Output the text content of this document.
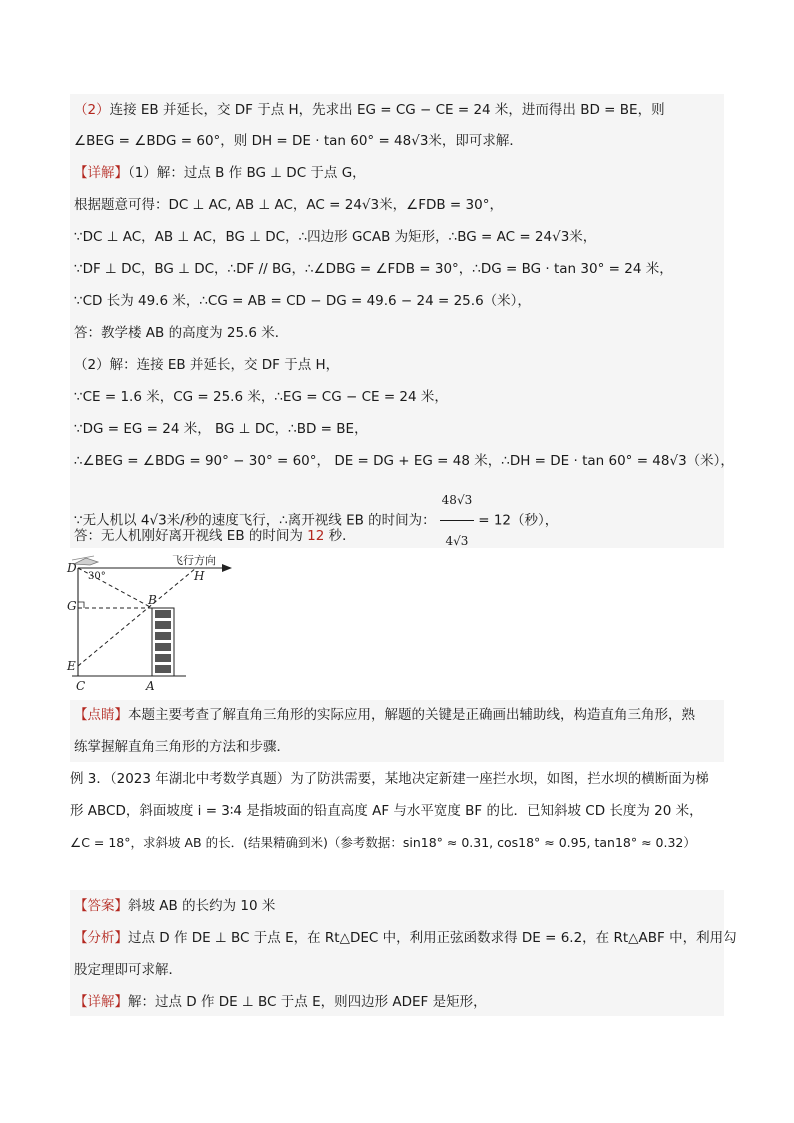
（2）连接 EB 并延长，交 DF 于点 H，先求出 EG = CG − CE = 24 米，进而得出 BD = BE，则
∠BEG = ∠BDG = 60°，则 DH = DE · tan 60° = 48√3米，即可求解．
【详解】（1）解：过点 B 作 BG ⊥ DC 于点 G，
根据题意可得：DC ⊥ AC, AB ⊥ AC，AC = 24√3米，∠FDB = 30°，
∵DC ⊥ AC，AB ⊥ AC，BG ⊥ DC，∴四边形 GCAB 为矩形，∴BG = AC = 24√3米，
∵DF ⊥ DC，BG ⊥ DC，∴DF // BG，∴∠DBG = ∠FDB = 30°，∴DG = BG · tan 30° = 24 米，
∵CD 长为 49.6 米，∴CG = AB = CD − DG = 49.6 − 24 = 25.6（米），
答：教学楼 AB 的高度为 25.6 米．
（2）解：连接 EB 并延长，交 DF 于点 H，
∵CE = 1.6 米，CG = 25.6 米，∴EG = CG − CE = 24 米，
∵DG = EG = 24 米， BG ⊥ DC，∴BD = BE，
∴∠BEG = ∠BDG = 90° − 30° = 60°， DE = DG + EG = 48 米，∴DH = DE · tan 60° = 48√3（米），
∵无人机以 4√3米/秒的速度飞行，∴离开视线 EB 的时间为： $\frac{48√3}{4√3} = 12$（秒），
答：无人机刚好离开视线 EB 的时间为 12 秒．
飞行方向
30°
D
H
G	B
E
C	A
【点睛】本题主要考查了解直角三角形的实际应用，解题的关键是正确画出辅助线，构造直角三角形，熟
练掌握解直角三角形的方法和步骤．
例 3．（2023 年湖北中考数学真题）为了防洪需要，某地决定新建一座拦水坝，如图，拦水坝的横断面为梯
形 ABCD，斜面坡度 i = 3∶4 是指坡面的铅直高度 AF 与水平宽度 BF 的比．已知斜坡 CD 长度为 20 米，
∠C = 18°，求斜坡 AB 的长．(结果精确到米)（参考数据：sin18° ≈ 0.31, cos18° ≈ 0.95, tan18° ≈ 0.32）
【答案】斜坡 AB 的长约为 10 米
【分析】过点 D 作 DE ⊥ BC 于点 E，在 Rt△DEC 中，利用正弦函数求得 DE = 6.2，在 Rt△ABF 中，利用勾
股定理即可求解．
【详解】解：过点 D 作 DE ⊥ BC 于点 E，则四边形 ADEF 是矩形，
